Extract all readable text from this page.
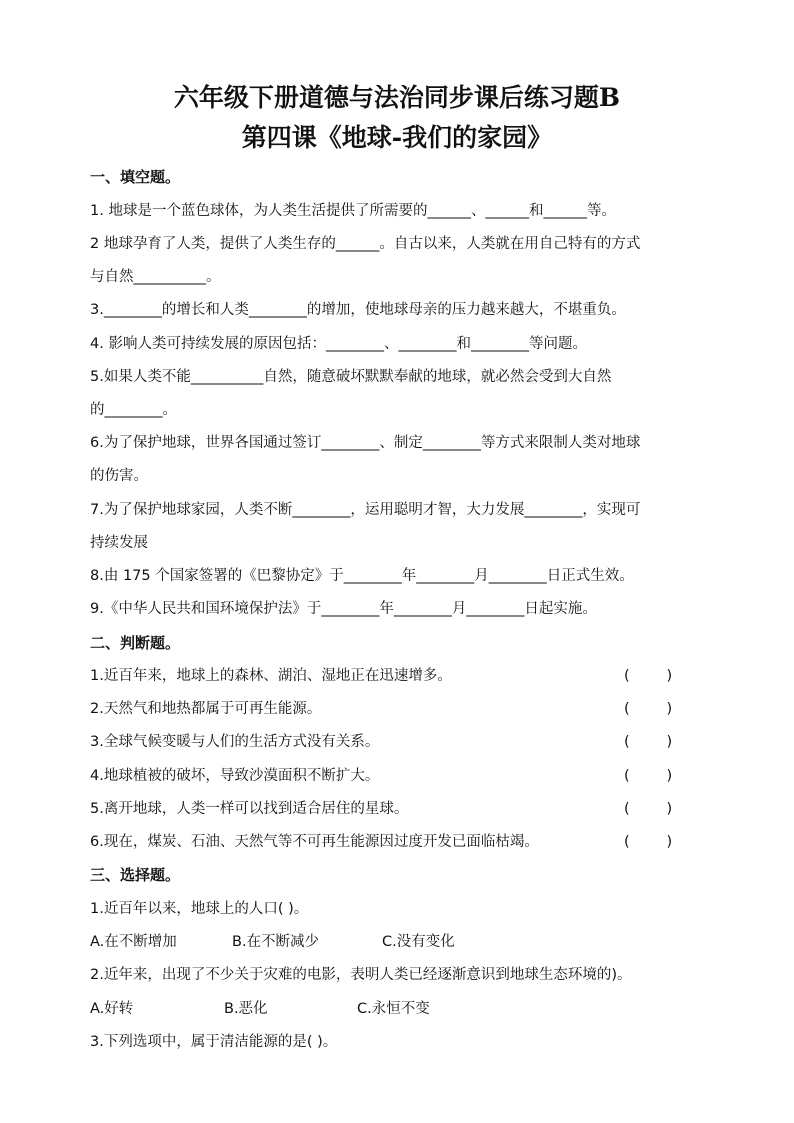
六年级下册道德与法治同步课后练习题B
第四课《地球-我们的家园》
一、填空题。
1. 地球是一个蓝色球体，为人类生活提供了所需要的______、______和______等。
2 地球孕育了人类，提供了人类生存的______。自古以来，人类就在用自己特有的方式
与自然__________。
3.________的增长和人类________的增加，使地球母亲的压力越来越大，不堪重负。
4. 影响人类可持续发展的原因包括：________、________和________等问题。
5.如果人类不能__________自然，随意破坏默默奉献的地球，就必然会受到大自然
的________。
6.为了保护地球，世界各国通过签订________、制定________等方式来限制人类对地球
的伤害。
7.为了保护地球家园，人类不断________，运用聪明才智，大力发展________，实现可
持续发展
8.由 175 个国家签署的《巴黎协定》于________年________月________日正式生效。
9.《中华人民共和国环境保护法》于________年________月________日起实施。
二、判断题。
1.近百年来，地球上的森林、湖泊、湿地正在迅速增多。	(        )
2.天然气和地热都属于可再生能源。	(        )
3.全球气候变暖与人们的生活方式没有关系。	(        )
4.地球植被的破坏，导致沙漠面积不断扩大。	(        )
5.离开地球，人类一样可以找到适合居住的星球。	(        )
6.现在，煤炭、石油、天然气等不可再生能源因过度开发已面临枯竭。	(        )
三、选择题。
1.近百年以来，地球上的人口( )。
A.在不断增加	B.在不断减少	C.没有变化
2.近年来，出现了不少关于灾难的电影，表明人类已经逐渐意识到地球生态环境的)。
A.好转	B.恶化	C.永恒不变
3.下列选项中，属于清洁能源的是( )。
